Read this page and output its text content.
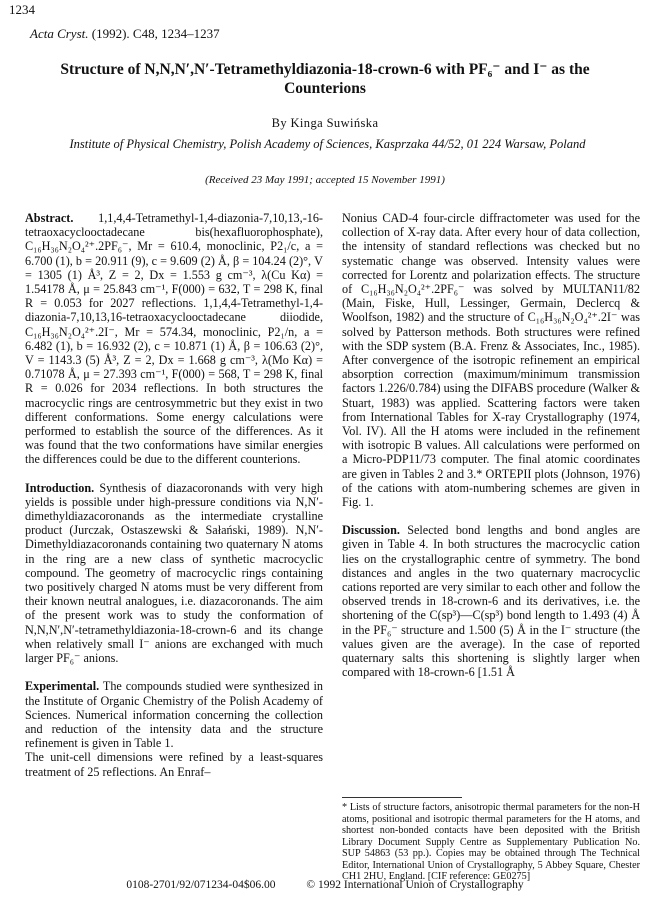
1234
Acta Cryst. (1992). C48, 1234–1237
Structure of N,N,N′,N′-Tetramethyldiazonia-18-crown-6 with PF₆⁻ and I⁻ as the
Counterions
By Kinga Suwińska
Institute of Physical Chemistry, Polish Academy of Sciences, Kasprzaka 44/52, 01 224 Warsaw, Poland
(Received 23 May 1991; accepted 15 November 1991)

Abstract. 1,1,4,4-Tetramethyl-1,4-diazonia-7,10,13,-16-tetraoxacyclooctadecane bis(hexafluorophosphate), C₁₆H₃₆N₂O₄²⁺.2PF₆⁻, Mr = 610.4, monoclinic, P2₁/c, a = 6.700 (1), b = 20.911 (9), c = 9.609 (2) Å, β = 104.24 (2)°, V = 1305 (1) Å³, Z = 2, Dx = 1.553 g cm⁻³, λ(Cu Kα) = 1.54178 Å, μ = 25.843 cm⁻¹, F(000) = 632, T = 298 K, final R = 0.053 for 2027 reflections. 1,1,4,4-Tetramethyl-1,4-diazonia-7,10,13,16-tetraoxacyclooctadecane diiodide, C₁₆H₃₆N₂O₄²⁺.2I⁻, Mr = 574.34, monoclinic, P2₁/n, a = 6.482 (1), b = 16.932 (2), c = 10.871 (1) Å, β = 106.63 (2)°, V = 1143.3 (5) Å³, Z = 2, Dx = 1.668 g cm⁻³, λ(Mo Kα) = 0.71078 Å, μ = 27.393 cm⁻¹, F(000) = 568, T = 298 K, final R = 0.026 for 2034 reflections. In both structures the macrocyclic rings are centrosymmetric but they exist in two different conformations. Some energy calculations were performed to establish the source of the differences. As it was found that the two conformations have similar energies the differences could be due to the different counterions.

Introduction. Synthesis of diazacoronands with very high yields is possible under high-pressure conditions via N,N′-dimethyldiazacoronands as the intermediate crystalline product (Jurczak, Ostaszewski & Sałański, 1989). N,N′-Dimethyldiazacoronands containing two quaternary N atoms in the ring are a new class of synthetic macrocyclic compound. The geometry of macrocyclic rings containing two positively charged N atoms must be very different from their known neutral analogues, i.e. diazacoronands. The aim of the present work was to study the conformation of N,N,N′,N′-tetramethyldiazonia-18-crown-6 and its change when relatively small I⁻ anions are exchanged with much larger PF₆⁻ anions.

Experimental. The compounds studied were synthesized in the Institute of Organic Chemistry of the Polish Academy of Sciences. Numerical information concerning the collection and reduction of the intensity data and the structure refinement is given in Table 1.

The unit-cell dimensions were refined by a least-squares treatment of 25 reflections. An Enraf–

Nonius CAD-4 four-circle diffractometer was used for the collection of X-ray data. After every hour of data collection, the intensity of standard reflections was checked but no systematic change was observed. Intensity values were corrected for Lorentz and polarization effects. The structure of C₁₆H₃₆N₂O₄²⁺.2PF₆⁻ was solved by MULTAN11/82 (Main, Fiske, Hull, Lessinger, Germain, Declercq & Woolfson, 1982) and the structure of C₁₆H₃₆N₂O₄²⁺.2I⁻ was solved by Patterson methods. Both structures were refined with the SDP system (B.A. Frenz & Associates, Inc., 1985). After convergence of the isotropic refinement an empirical absorption correction (maximum/minimum transmission factors 1.226/0.784) using the DIFABS procedure (Walker & Stuart, 1983) was applied. Scattering factors were taken from International Tables for X-ray Crystallography (1974, Vol. IV). All the H atoms were included in the refinement with isotropic B values. All calculations were performed on a Micro-PDP11/73 computer. The final atomic coordinates are given in Tables 2 and 3.* ORTEPII plots (Johnson, 1976) of the cations with atom-numbering schemes are given in Fig. 1.

Discussion. Selected bond lengths and bond angles are given in Table 4. In both structures the macrocyclic cation lies on the crystallographic centre of symmetry. The bond distances and angles in the two quaternary macrocyclic cations reported are very similar to each other and follow the observed trends in 18-crown-6 and its derivatives, i.e. the shortening of the C(sp³)—C(sp³) bond length to 1.493 (4) Å in the PF₆⁻ structure and 1.500 (5) Å in the I⁻ structure (the values given are the average). In the case of reported quaternary salts this shortening is slightly larger when compared with 18-crown-6 [1.51 Å

* Lists of structure factors, anisotropic thermal parameters for the non-H atoms, positional and isotropic thermal parameters for the H atoms, and shortest non-bonded contacts have been deposited with the British Library Document Supply Centre as Supplementary Publication No. SUP 54863 (53 pp.). Copies may be obtained through The Technical Editor, International Union of Crystallography, 5 Abbey Square, Chester CH1 2HU, England. [CIF reference: GE0275]
0108-2701/92/071234-04$06.00	© 1992 International Union of Crystallography
